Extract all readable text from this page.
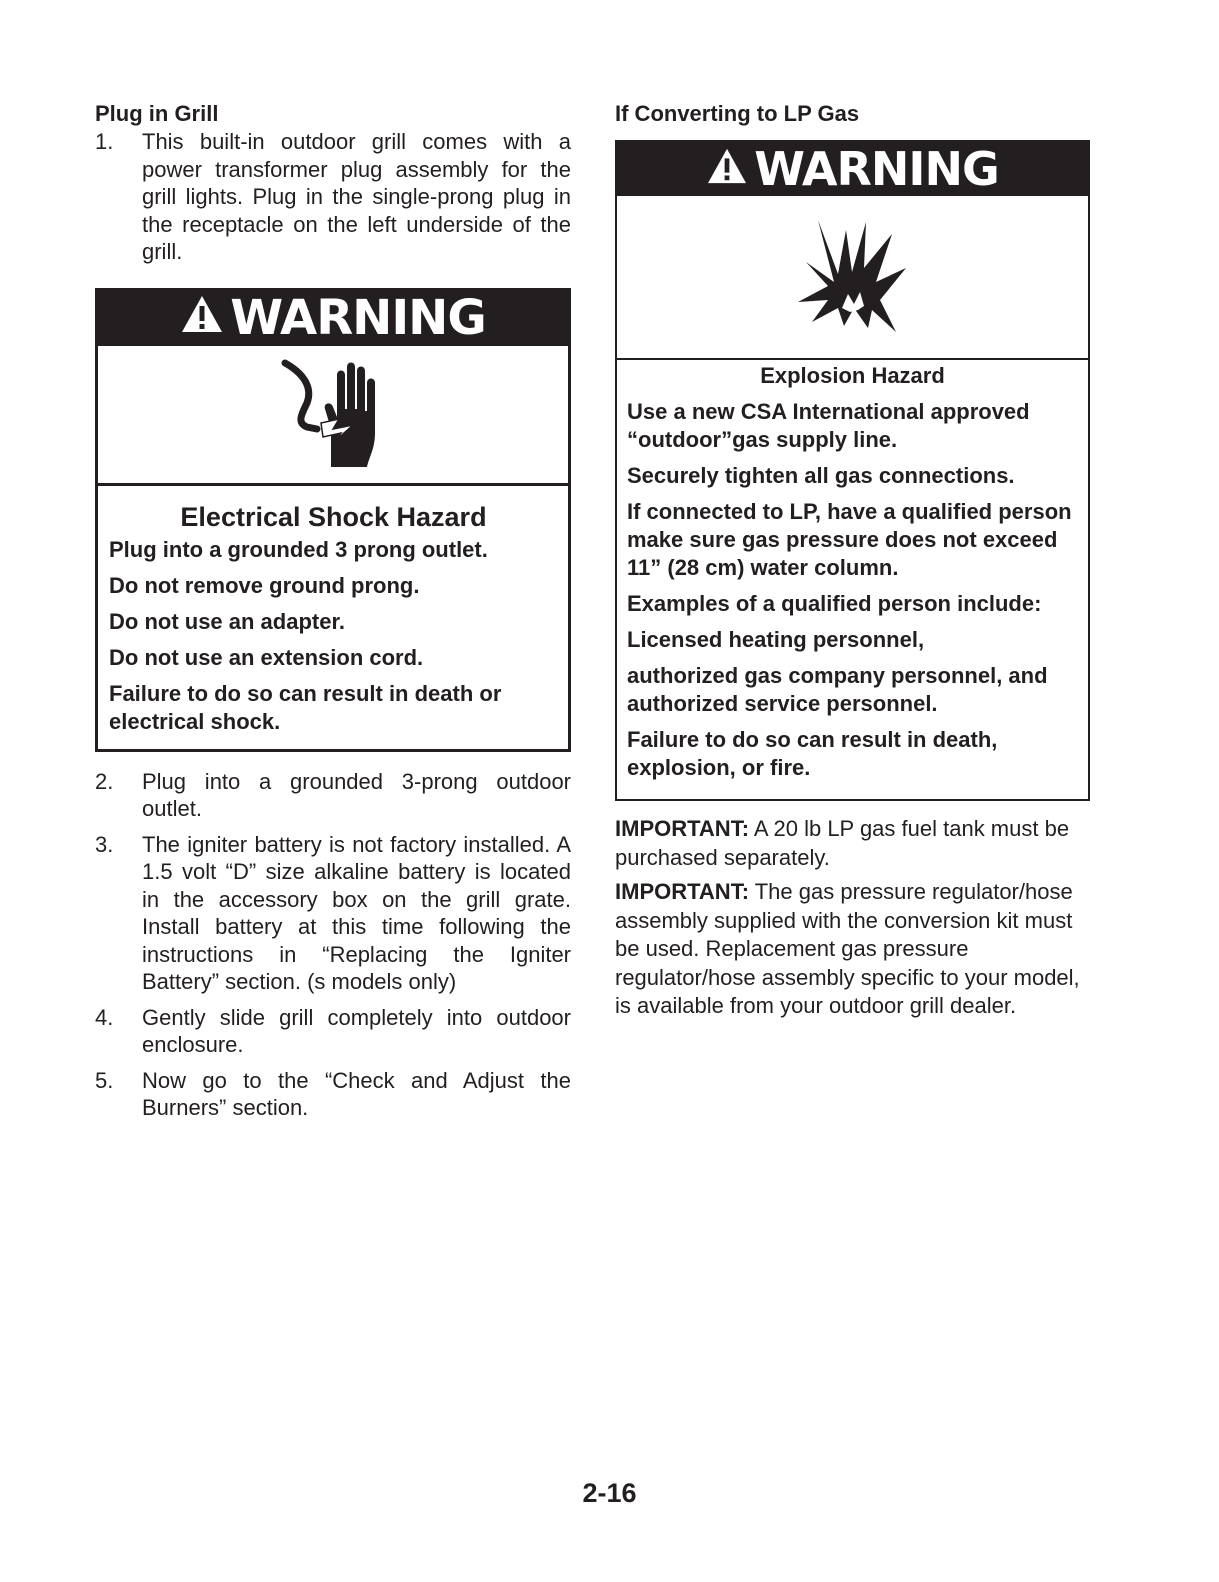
Plug in Grill
1.	This built-in outdoor grill comes with a power transformer plug assembly for the grill lights. Plug in the single-prong plug in the receptacle on the left underside of the grill.
WARNING
Electrical Shock Hazard

Plug into a grounded 3 prong outlet.

Do not remove ground prong.

Do not use an adapter.

Do not use an extension cord.

Failure to do so can result in death or electrical shock.

2.	Plug into a grounded 3-prong outdoor outlet.
3.	The igniter battery is not factory installed. A 1.5 volt “D” size alkaline battery is located in the accessory box on the grill grate. Install battery at this time following the instructions in “Replacing the Igniter Battery” section. (s models only)
4.	Gently slide grill completely into outdoor enclosure.
5.	Now go to the “Check and Adjust the Burners” section.
If Converting to LP Gas
WARNING
Explosion Hazard

Use a new CSA International approved “outdoor”gas supply line.

Securely tighten all gas connections.

If connected to LP, have a qualified person make sure gas pressure does not exceed 11” (28 cm) water column.

Examples of a qualified person include:

Licensed heating personnel,

authorized gas company personnel, and authorized service personnel.

Failure to do so can result in death, explosion, or fire.

IMPORTANT: A 20 lb LP gas fuel tank must be purchased separately.

IMPORTANT: The gas pressure regulator/hose assembly supplied with the conversion kit must be used. Replacement gas pressure regulator/hose assembly specific to your model, is available from your outdoor grill dealer.

2-16
